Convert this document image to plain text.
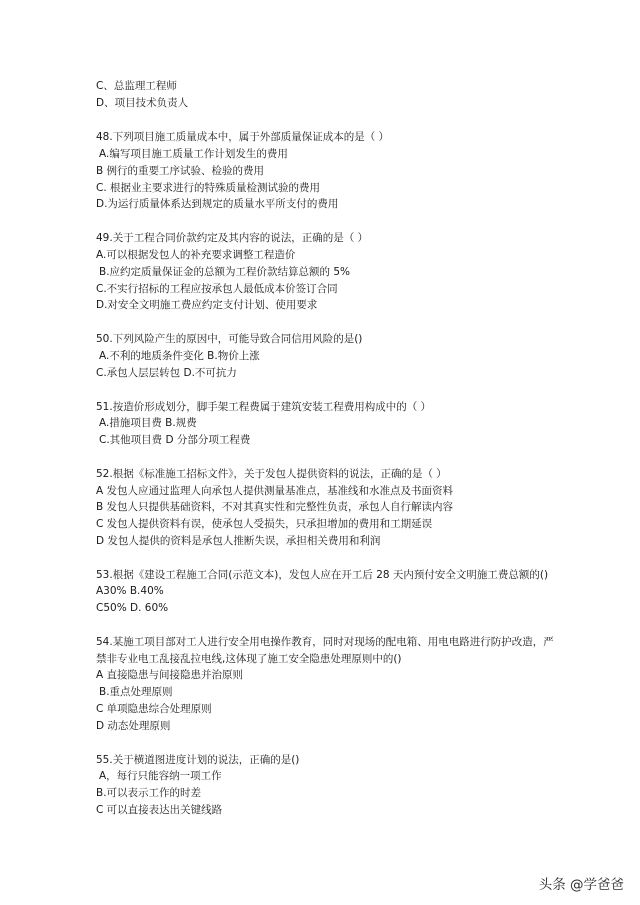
C、总监理工程师
D、项目技术负责人
48.下列项目施工质量成本中，属于外部质量保证成本的是（ ）
A.编写项目施工质量工作计划发生的费用
B 例行的重要工序试验、检验的费用
C. 根据业主要求进行的特殊质量检测试验的费用
D.为运行质量体系达到规定的质量水平所支付的费用
49.关于工程合同价款约定及其内容的说法，正确的是（ ）
A.可以根据发包人的补充要求调整工程造价
B.应约定质量保证金的总额为工程价款结算总额的 5%
C.不实行招标的工程应按承包人最低成本价签订合同
D.对安全文明施工费应约定支付计划、使用要求
50.下列风险产生的原因中，可能导致合同信用风险的是()
A.不利的地质条件变化 B.物价上涨
C.承包人层层转包 D.不可抗力
51.按造价形成划分，脚手架工程费属于建筑安装工程费用构成中的（ ）
A.措施项目费 B.规费
C.其他项目费 D 分部分项工程费
52.根据《标准施工招标文件》，关于发包人提供资料的说法，正确的是（ ）
A 发包人应通过监理人向承包人提供测量基准点，基准线和水准点及书面资料
B 发包人只提供基础资料，不对其真实性和完整性负责，承包人自行解读内容
C 发包人提供资料有误，使承包人受损失，只承担增加的费用和工期延误
D 发包人提供的资料是承包人推断失误，承担相关费用和利润
53.根据《建设工程施工合同(示范文本)，发包人应在开工后 28 天内预付安全文明施工费总额的()
A30% B.40%
C50% D. 60%
54.某施工项目部对工人进行安全用电操作教育，同时对现场的配电箱、用电电路进行防护改造，严
禁非专业电工乱接乱拉电线,这体现了施工安全隐患处理原则中的()
A 直接隐患与间接隐患并治原则
B.重点处理原则
C 单项隐患综合处理原则
D 动态处理原则
55.关于横道图进度计划的说法，正确的是()
A，每行只能容纳一项工作
B.可以表示工作的时差
C 可以直接表达出关键线路
头条 @学爸爸
